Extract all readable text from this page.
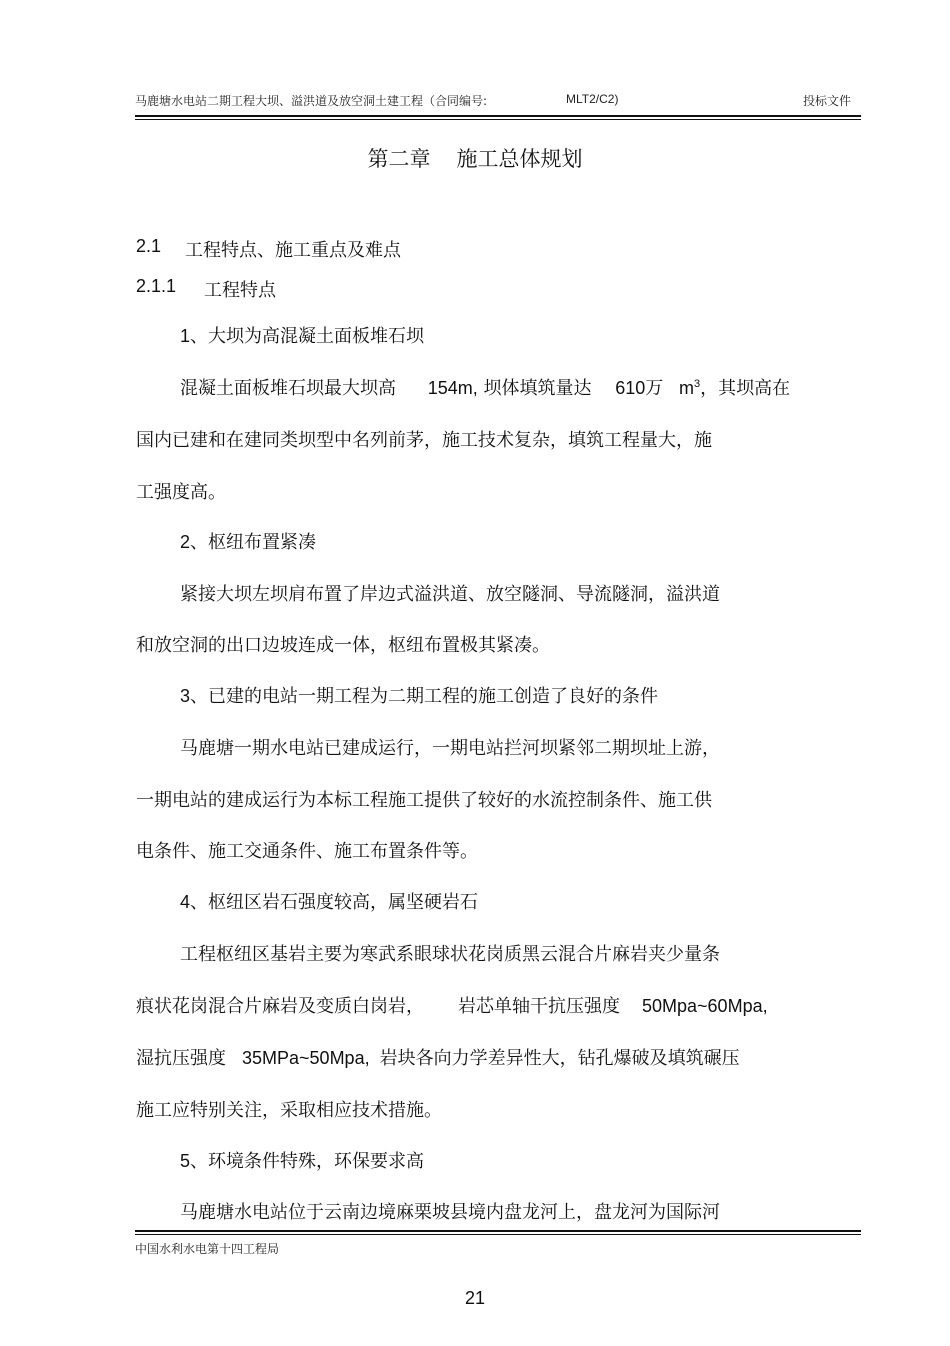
马鹿塘水电站二期工程大坝、溢洪道及放空洞土建工程（合同编号:	MLT2/C2)	投标文件
第二章 施工总体规划
2.1 工程特点、施工重点及难点
2.1.1 工程特点
1、大坝为高混凝土面板堆石坝
混凝土面板堆石坝最大坝高 154m, 坝体填筑量达 610万 $m^3$，其坝高在
国内已建和在建同类坝型中名列前茅，施工技术复杂，填筑工程量大，施
工强度高。
2、枢纽布置紧凑
紧接大坝左坝肩布置了岸边式溢洪道、放空隧洞、导流隧洞，溢洪道
和放空洞的出口边坡连成一体，枢纽布置极其紧凑。
3、已建的电站一期工程为二期工程的施工创造了良好的条件
马鹿塘一期水电站已建成运行，一期电站拦河坝紧邻二期坝址上游，
一期电站的建成运行为本标工程施工提供了较好的水流控制条件、施工供
电条件、施工交通条件、施工布置条件等。
4、枢纽区岩石强度较高，属坚硬岩石
工程枢纽区基岩主要为寒武系眼球状花岗质黑云混合片麻岩夹少量条
痕状花岗混合片麻岩及变质白岗岩， 岩芯单轴干抗压强度 50Mpa~60Mpa,
湿抗压强度 35MPa~50Mpa, 岩块各向力学差异性大，钻孔爆破及填筑碾压
施工应特别关注，采取相应技术措施。
5、环境条件特殊，环保要求高
马鹿塘水电站位于云南边境麻栗坡县境内盘龙河上，盘龙河为国际河
中国水利水电第十四工程局
21
